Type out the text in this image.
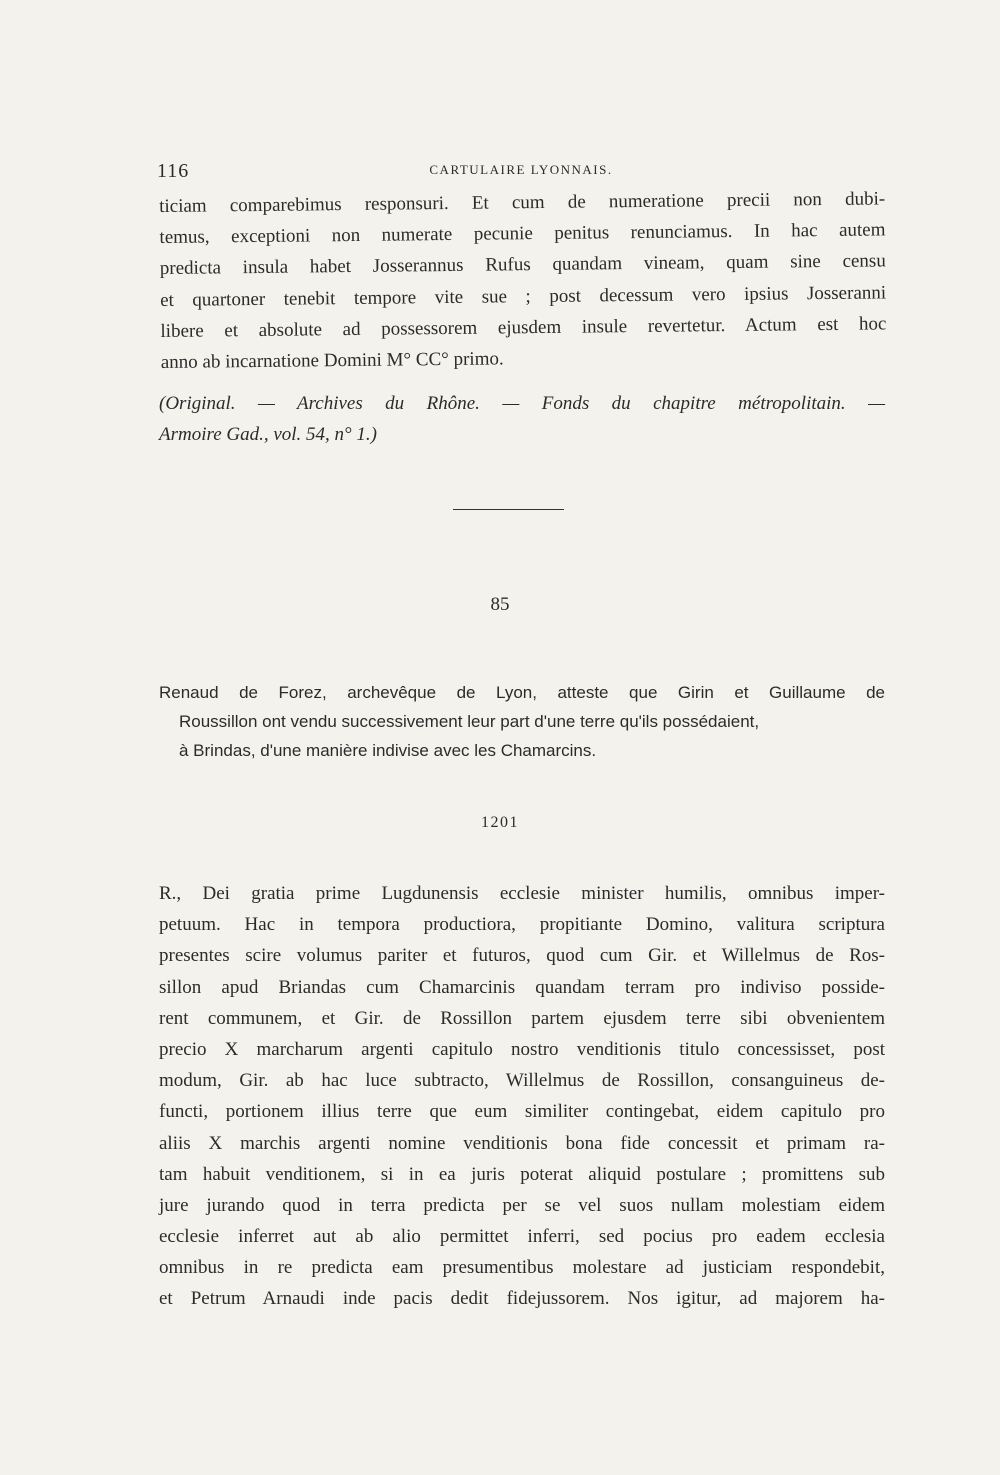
116	CARTULAIRE LYONNAIS.
ticiam comparebimus responsuri. Et cum de numeratione precii non dubi-
temus, exceptioni non numerate pecunie penitus renunciamus. In hac autem
predicta insula habet Josserannus Rufus quandam vineam, quam sine censu
et quartoner tenebit tempore vite sue ; post decessum vero ipsius Josseranni
libere et absolute ad possessorem ejusdem insule revertetur. Actum est hoc
anno ab incarnatione Domini M° CC° primo.
(Original. — Archives du Rhône. — Fonds du chapitre métropolitain. —
Armoire Gad., vol. 54, n° 1.)
85
Renaud de Forez, archevêque de Lyon, atteste que Girin et Guillaume de
Roussillon ont vendu successivement leur part d'une terre qu'ils possédaient,
à Brindas, d'une manière indivise avec les Chamarcins.
1201
R., Dei gratia prime Lugdunensis ecclesie minister humilis, omnibus imper-
petuum. Hac in tempora productiora, propitiante Domino, valitura scriptura
presentes scire volumus pariter et futuros, quod cum Gir. et Willelmus de Ros-
sillon apud Briandas cum Chamarcinis quandam terram pro indiviso posside-
rent communem, et Gir. de Rossillon partem ejusdem terre sibi obvenientem
precio X marcharum argenti capitulo nostro venditionis titulo concessisset, post
modum, Gir. ab hac luce subtracto, Willelmus de Rossillon, consanguineus de-
functi, portionem illius terre que eum similiter contingebat, eidem capitulo pro
aliis X marchis argenti nomine venditionis bona fide concessit et primam ra-
tam habuit venditionem, si in ea juris poterat aliquid postulare ; promittens sub
jure jurando quod in terra predicta per se vel suos nullam molestiam eidem
ecclesie inferret aut ab alio permittet inferri, sed pocius pro eadem ecclesia
omnibus in re predicta eam presumentibus molestare ad justiciam respondebit,
et Petrum Arnaudi inde pacis dedit fidejussorem. Nos igitur, ad majorem ha-
